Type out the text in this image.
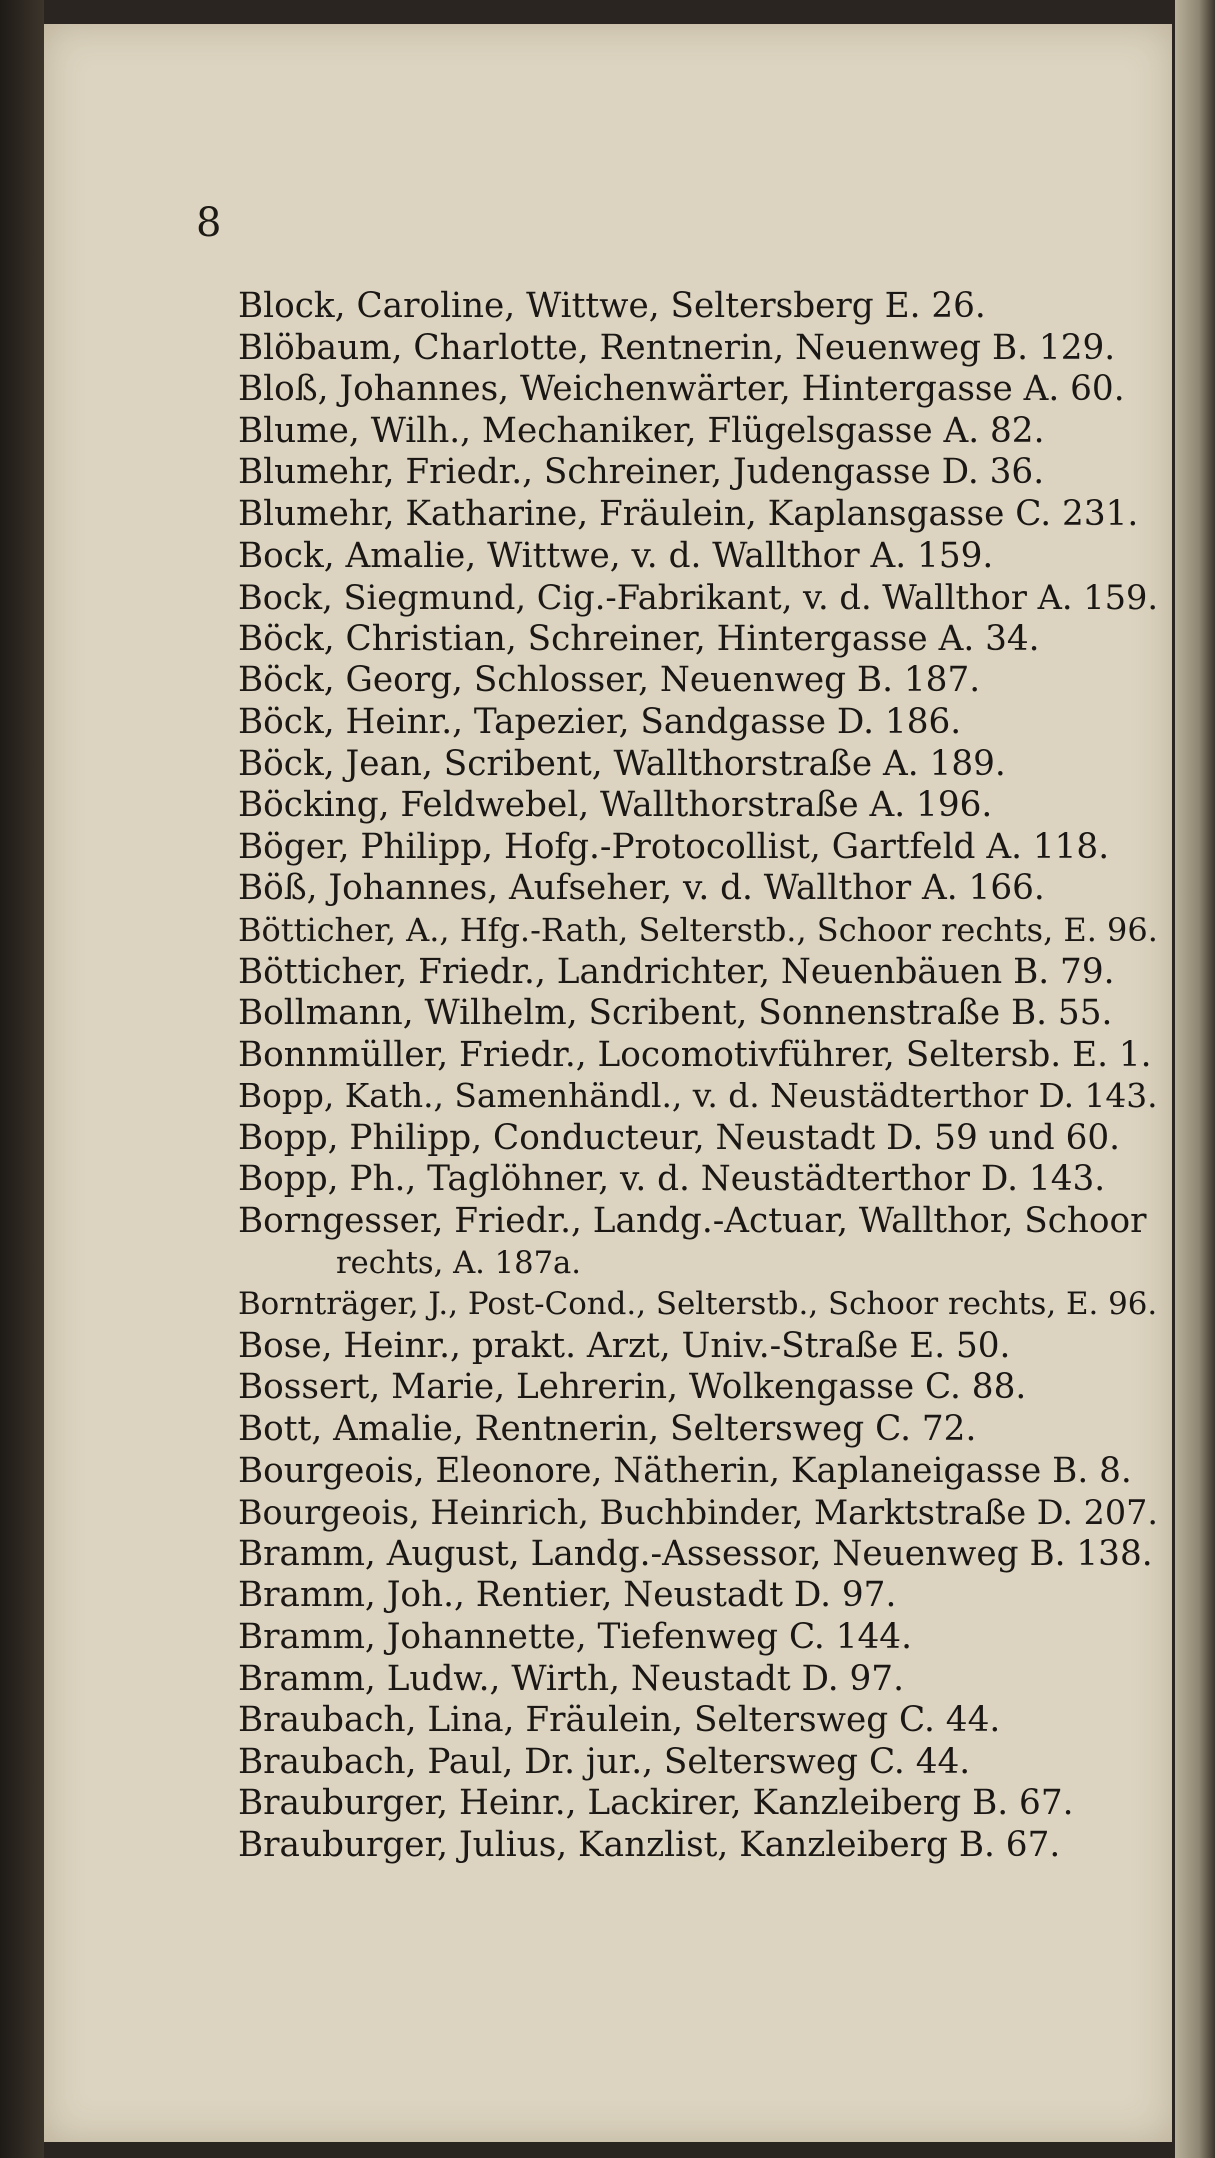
8
Block, Caroline, Wittwe, Seltersberg E. 26.
Blöbaum, Charlotte, Rentnerin, Neuenweg B. 129.
Bloß, Johannes, Weichenwärter, Hintergasse A. 60.
Blume, Wilh., Mechaniker, Flügelsgasse A. 82.
Blumehr, Friedr., Schreiner, Judengasse D. 36.
Blumehr, Katharine, Fräulein, Kaplansgasse C. 231.
Bock, Amalie, Wittwe, v. d. Wallthor A. 159.
Bock, Siegmund, Cig.-Fabrikant, v. d. Wallthor A. 159.
Böck, Christian, Schreiner, Hintergasse A. 34.
Böck, Georg, Schlosser, Neuenweg B. 187.
Böck, Heinr., Tapezier, Sandgasse D. 186.
Böck, Jean, Scribent, Wallthorstraße A. 189.
Böcking, Feldwebel, Wallthorstraße A. 196.
Böger, Philipp, Hofg.-Protocollist, Gartfeld A. 118.
Böß, Johannes, Aufseher, v. d. Wallthor A. 166.
Bötticher, A., Hfg.-Rath, Selterstb., Schoor rechts, E. 96.
Bötticher, Friedr., Landrichter, Neuenbäuen B. 79.
Bollmann, Wilhelm, Scribent, Sonnenstraße B. 55.
Bonnmüller, Friedr., Locomotivführer, Seltersb. E. 1.
Bopp, Kath., Samenhändl., v. d. Neustädterthor D. 143.
Bopp, Philipp, Conducteur, Neustadt D. 59 und 60.
Bopp, Ph., Taglöhner, v. d. Neustädterthor D. 143.
Borngesser, Friedr., Landg.-Actuar, Wallthor, Schoor
rechts, A. 187a.
Bornträger, J., Post-Cond., Selterstb., Schoor rechts, E. 96.
Bose, Heinr., prakt. Arzt, Univ.-Straße E. 50.
Bossert, Marie, Lehrerin, Wolkengasse C. 88.
Bott, Amalie, Rentnerin, Seltersweg C. 72.
Bourgeois, Eleonore, Nätherin, Kaplaneigasse B. 8.
Bourgeois, Heinrich, Buchbinder, Marktstraße D. 207.
Bramm, August, Landg.-Assessor, Neuenweg B. 138.
Bramm, Joh., Rentier, Neustadt D. 97.
Bramm, Johannette, Tiefenweg C. 144.
Bramm, Ludw., Wirth, Neustadt D. 97.
Braubach, Lina, Fräulein, Seltersweg C. 44.
Braubach, Paul, Dr. jur., Seltersweg C. 44.
Brauburger, Heinr., Lackirer, Kanzleiberg B. 67.
Brauburger, Julius, Kanzlist, Kanzleiberg B. 67.
